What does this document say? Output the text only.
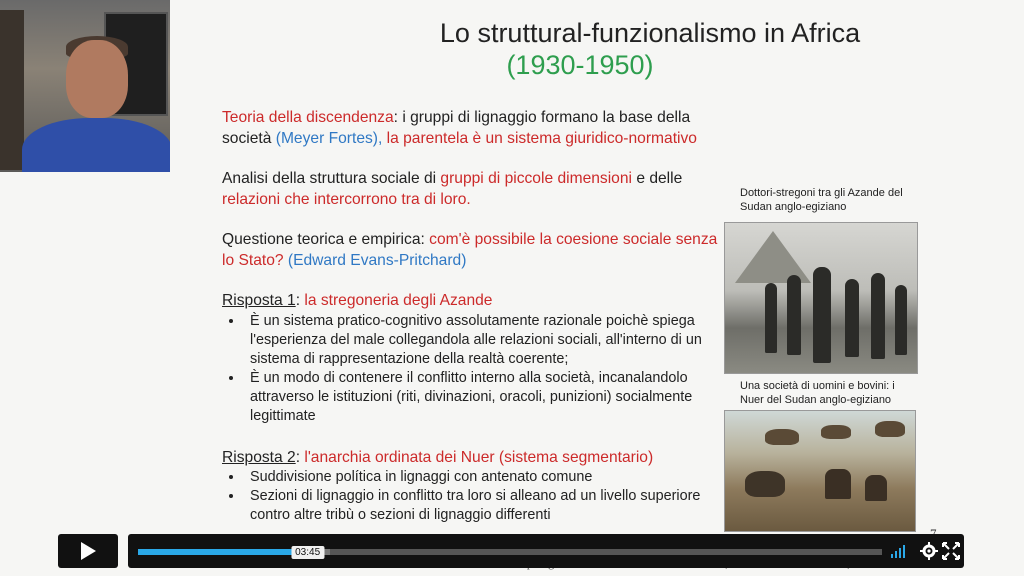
Lo struttural-funzionalismo in Africa
(1930-1950)

Teoria della discendenza: i gruppi di lignaggio formano la base della società (Meyer Fortes), la parentela è un sistema giuridico-normativo

Analisi della struttura sociale di gruppi di piccole dimensioni e delle relazioni che intercorrono tra di loro.

Questione teorica e empirica: com'è possibile la coesione sociale senza lo Stato? (Edward Evans-Pritchard)

Risposta 1: la stregoneria degli Azande
• È un sistema pratico-cognitivo assolutamente razionale poichè spiega l'esperienza del male collegandola alle relazioni sociali, all'interno di un sistema di rappresentazione della realtà coerente;
• È un modo di contenere il conflitto interno alla società, incanalandolo attraverso le istituzioni (riti, divinazioni, oracoli, punizioni) socialmente legittimate
Risposta 2: l'anarchia ordinata dei Nuer (sistema segmentario)
• Suddivisione política in lignaggi con antenato comune
• Sezioni di lignaggio in conflitto tra loro si alleano ad un livello superiore contro altre tribù o sezioni di lignaggio differenti
Dottori-stregoni tra gli Azande del Sudan anglo-egiziano
Una società di uomini e bovini: i Nuer del Sudan anglo-egiziano
03:45
